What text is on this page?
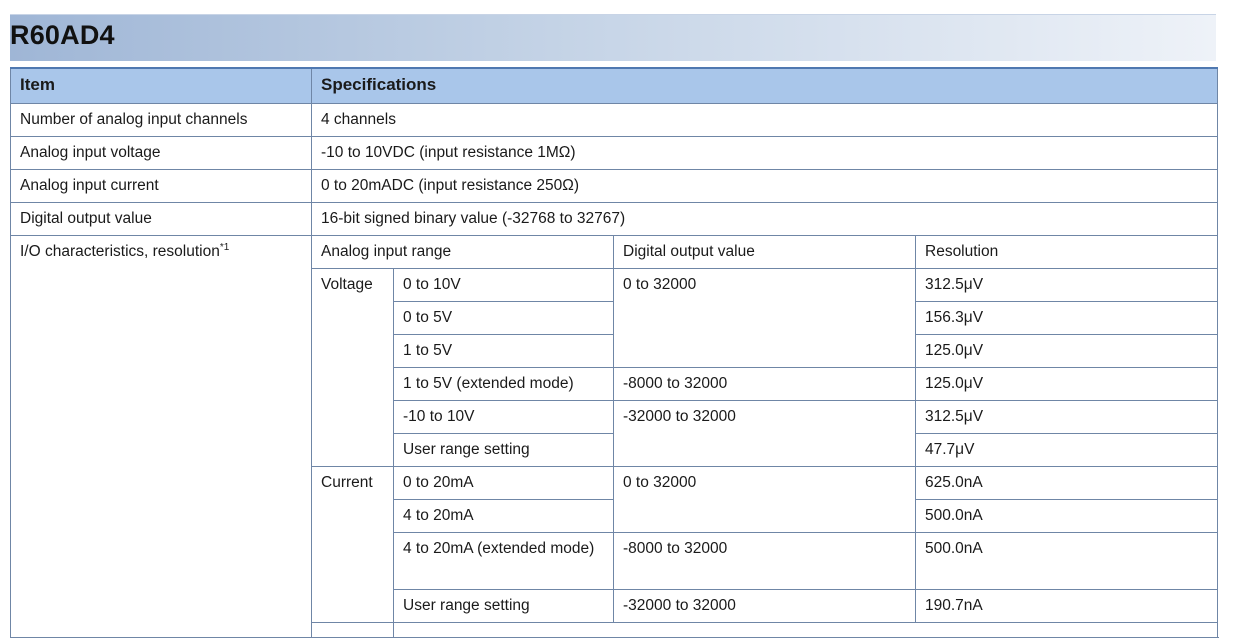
R60AD4
Item	Specifications			
Number of analog input channels	4 channels			
Analog input voltage	-10 to 10VDC (input resistance 1MΩ)			
Analog input current	0 to 20mADC (input resistance 250Ω)			
Digital output value	16-bit signed binary value (-32768 to 32767)			
I/O characteristics, resolution$^{*1}$	Analog input range		Digital output value	Resolution
	Voltage	0 to 10V	0 to 32000	312.5μV
		0 to 5V		156.3μV
		1 to 5V		125.0μV
		1 to 5V (extended mode)	-8000 to 32000	125.0μV
		-10 to 10V	-32000 to 32000	312.5μV
		User range setting		47.7μV
	Current	0 to 20mA	0 to 32000	625.0nA
		4 to 20mA		500.0nA
		4 to 20mA (extended mode)	-8000 to 32000	500.0nA
		User range setting	-32000 to 32000	190.7nA
